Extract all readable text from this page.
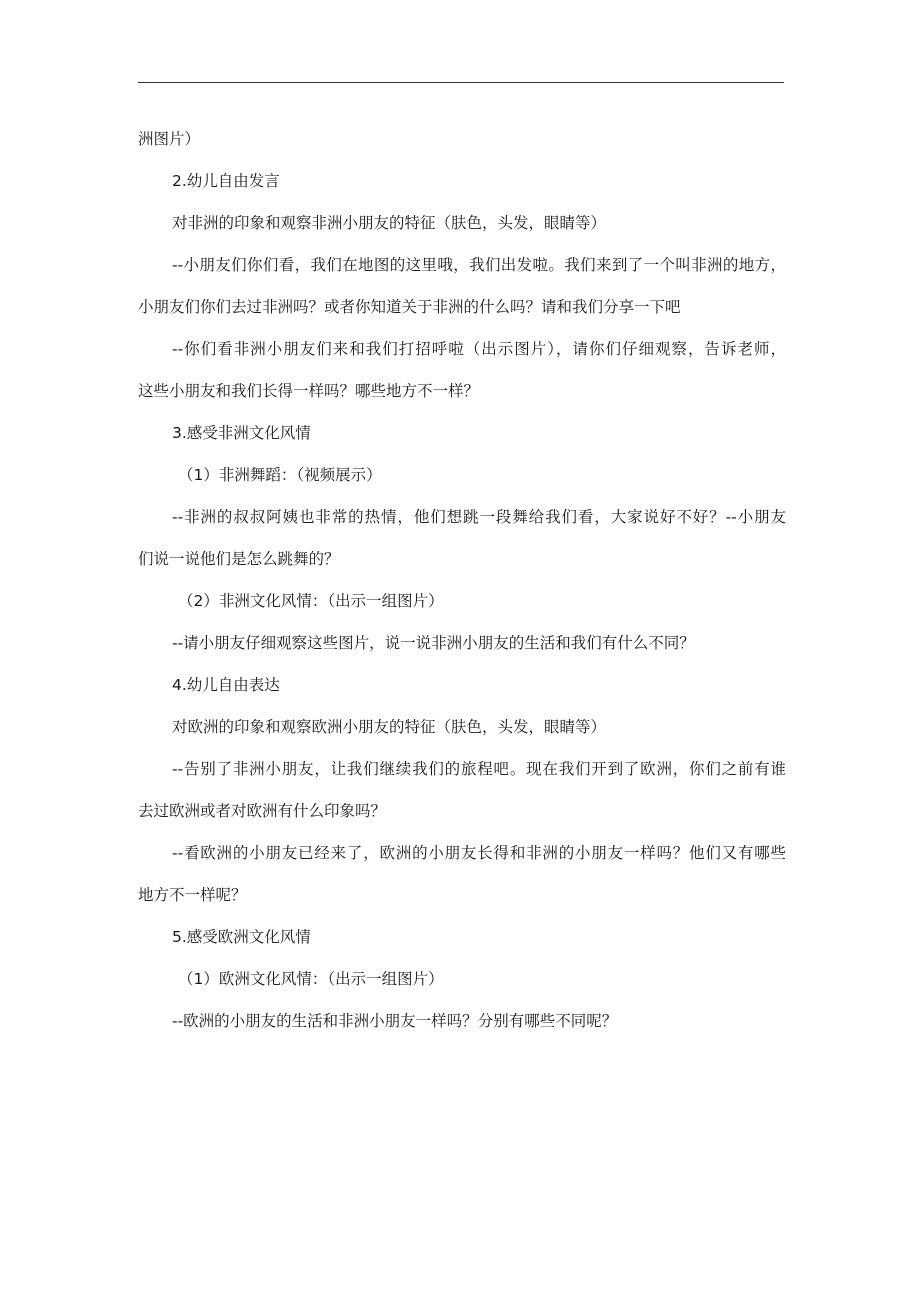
洲图片）
2.幼儿自由发言
对非洲的印象和观察非洲小朋友的特征（肤色，头发，眼睛等）
--小朋友们你们看，我们在地图的这里哦，我们出发啦。我们来到了一个叫非洲的地方，
小朋友们你们去过非洲吗？或者你知道关于非洲的什么吗？请和我们分享一下吧
--你们看非洲小朋友们来和我们打招呼啦（出示图片），请你们仔细观察，告诉老师，
这些小朋友和我们长得一样吗？哪些地方不一样？
3.感受非洲文化风情
（1）非洲舞蹈：（视频展示）
--非洲的叔叔阿姨也非常的热情，他们想跳一段舞给我们看，大家说好不好？--小朋友
们说一说他们是怎么跳舞的？
（2）非洲文化风情：（出示一组图片）
--请小朋友仔细观察这些图片，说一说非洲小朋友的生活和我们有什么不同？
4.幼儿自由表达
对欧洲的印象和观察欧洲小朋友的特征（肤色，头发，眼睛等）
--告别了非洲小朋友，让我们继续我们的旅程吧。现在我们开到了欧洲，你们之前有谁
去过欧洲或者对欧洲有什么印象吗？
--看欧洲的小朋友已经来了，欧洲的小朋友长得和非洲的小朋友一样吗？他们又有哪些
地方不一样呢？
5.感受欧洲文化风情
（1）欧洲文化风情：（出示一组图片）
--欧洲的小朋友的生活和非洲小朋友一样吗？分别有哪些不同呢？
